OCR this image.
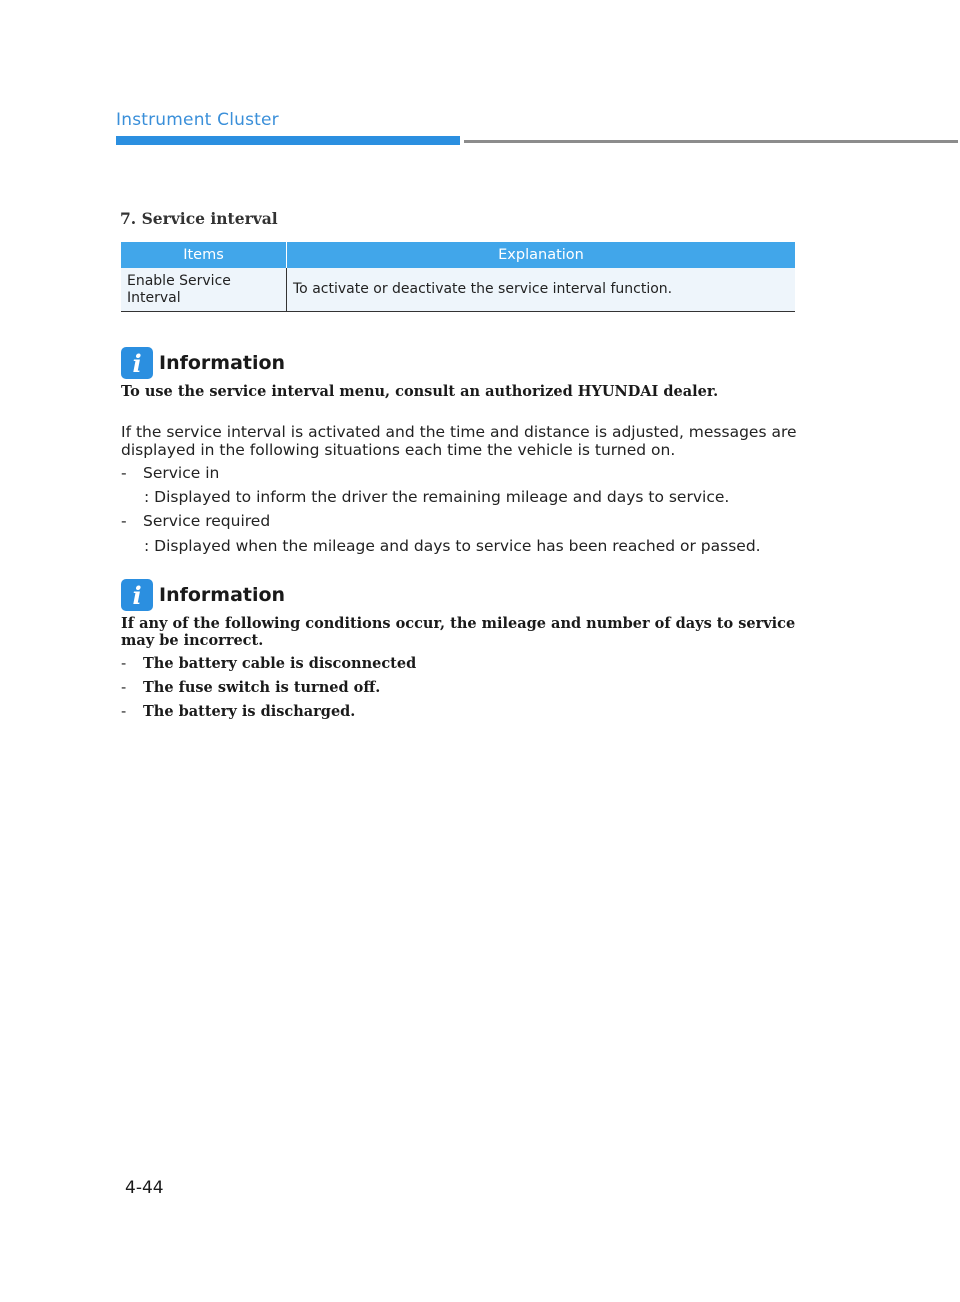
Instrument Cluster
7. Service interval
Items	Explanation
Enable Service Interval	To activate or deactivate the service interval function.
i Information
To use the service interval menu, consult an authorized HYUNDAI dealer.
If the service interval is activated and the time and distance is adjusted, messages are displayed in the following situations each time the vehicle is turned on.
- Service in
: Displayed to inform the driver the remaining mileage and days to service.
- Service required
: Displayed when the mileage and days to service has been reached or passed.
i Information
If any of the following conditions occur, the mileage and number of days to service may be incorrect.
- The battery cable is disconnected
- The fuse switch is turned off.
- The battery is discharged.
4-44
